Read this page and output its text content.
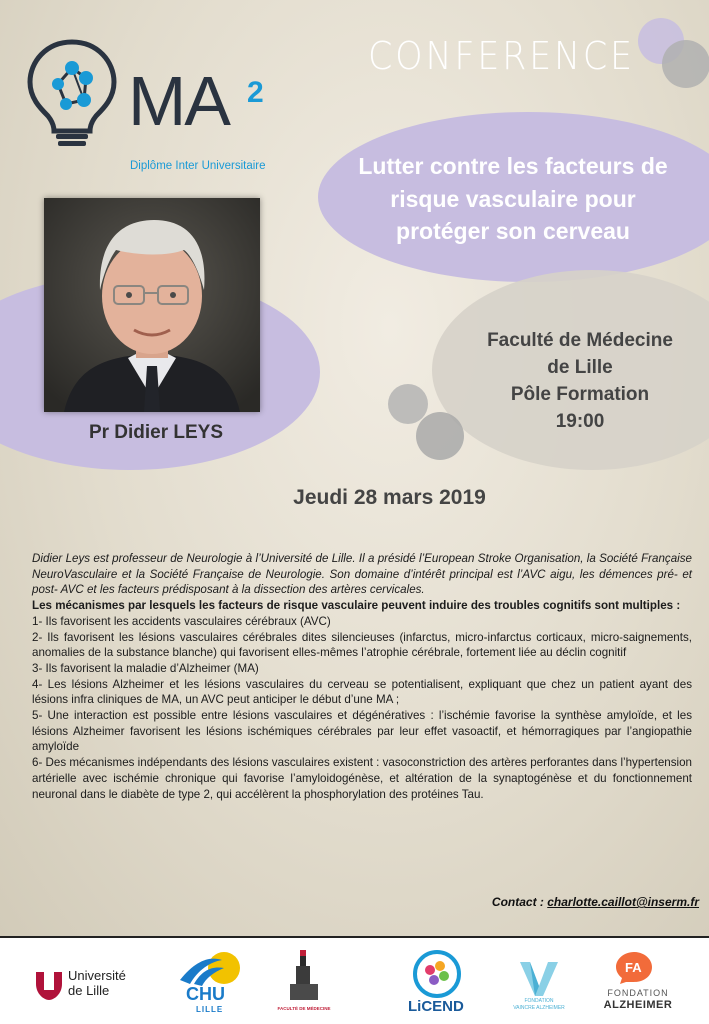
MA 2
Diplôme Inter Universitaire
CONFERENCE
Lutter contre les facteurs de
risque vasculaire pour
protéger son cerveau
Pr Didier LEYS
Faculté de Médecine
de Lille
Pôle Formation
19:00
Jeudi 28 mars 2019

Didier Leys est professeur de Neurologie à l’Université de Lille. Il a présidé l’European Stroke Organisation, la Société Française NeuroVasculaire et la Société Française de Neurologie. Son domaine d’intérêt principal est l’AVC aigu, les démences pré- et post- AVC et les facteurs prédisposant à la dissection des artères cervicales.

Les mécanismes par lesquels les facteurs de risque vasculaire peuvent induire des troubles cognitifs sont multiples :

1- Ils favorisent les accidents vasculaires cérébraux (AVC)

2- Ils favorisent les lésions vasculaires cérébrales dites silencieuses (infarctus, micro-infarctus corticaux, micro-saignements, anomalies de la substance blanche) qui favorisent elles-mêmes l’atrophie cérébrale, fortement liée au déclin cognitif

3- Ils favorisent la maladie d’Alzheimer (MA)

4- Les lésions Alzheimer et les lésions vasculaires du cerveau se potentialisent, expliquant que chez un patient ayant des lésions infra cliniques de MA, un AVC peut anticiper le début d’une MA ;

5- Une interaction est possible entre lésions vasculaires et dégénératives : l’ischémie favorise la synthèse amyloïde, et les lésions Alzheimer favorisent les lésions ischémiques cérébrales par leur effet vasoactif, et hémorragiques par l’angiopathie amyloïde

6- Des mécanismes indépendants des lésions vasculaires existent : vasoconstriction des artères perforantes dans l’hypertension artérielle avec ischémie chronique qui favorise l’amyloidogénèse, et altération de la synaptogénèse et du fonctionnement neuronal dans le diabète de type 2, qui accélèrent la phosphorylation des protéines Tau.

Contact : charlotte.caillot@inserm.fr
Université
de Lille	CHU
LILLE	FACULTÉ DE MÉDECINE	LiCEND	FONDATION
VAINCRE ALZHEIMER
FA
FONDATION
ALZHEIMER
